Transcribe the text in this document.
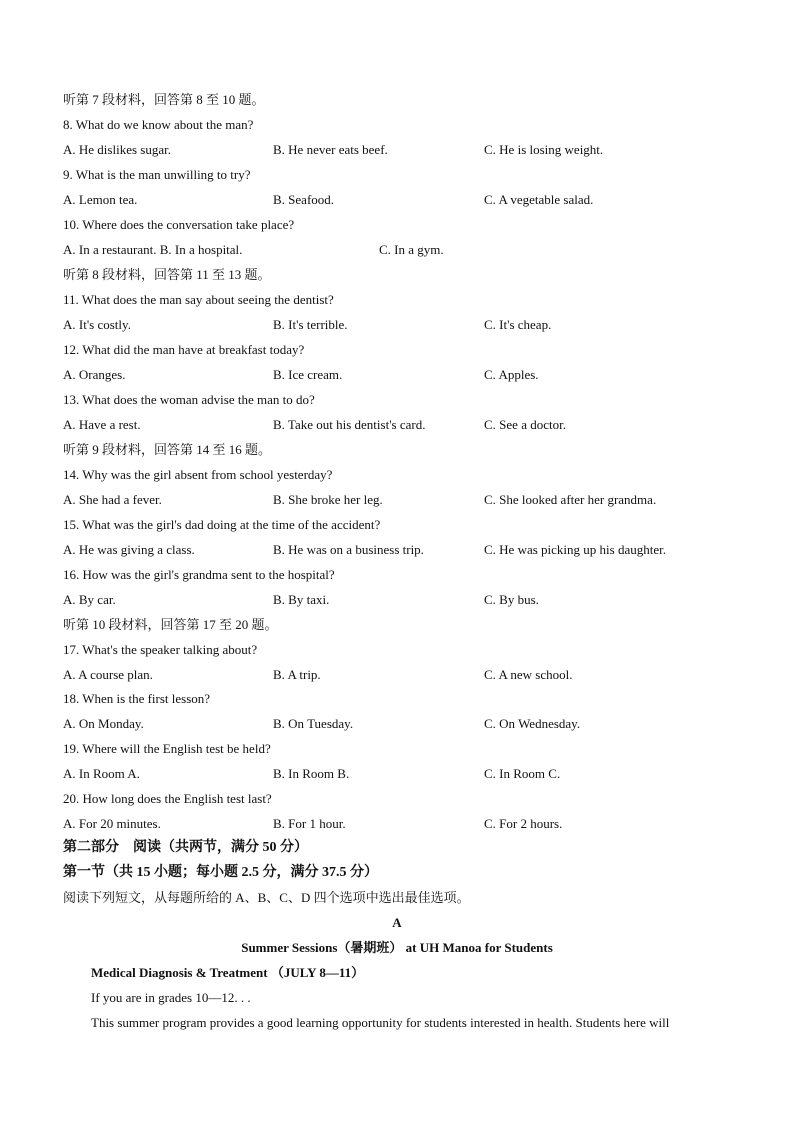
听第 7 段材料，回答第 8 至 10 题。
8. What do we know about the man?
A. He dislikes sugar.	B. He never eats beef.	C. He is losing weight.
9. What is the man unwilling to try?
A. Lemon tea.	B. Seafood.	C. A vegetable salad.
10. Where does the conversation take place?
A. In a restaurant. B. In a hospital.	C. In a gym.
听第 8 段材料，回答第 11 至 13 题。
11. What does the man say about seeing the dentist?
A. It's costly.	B. It's terrible.	C. It's cheap.
12. What did the man have at breakfast today?
A. Oranges.	B. Ice cream.	C. Apples.
13. What does the woman advise the man to do?
A. Have a rest.	B. Take out his dentist's card.	C. See a doctor.
听第 9 段材料，回答第 14 至 16 题。
14. Why was the girl absent from school yesterday?
A. She had a fever.	B. She broke her leg.	C. She looked after her grandma.
15. What was the girl's dad doing at the time of the accident?
A. He was giving a class.	B. He was on a business trip.	C. He was picking up his daughter.
16. How was the girl's grandma sent to the hospital?
A. By car.	B. By taxi.	C. By bus.
听第 10 段材料，回答第 17 至 20 题。
17. What's the speaker talking about?
A. A course plan.	B. A trip.	C. A new school.
18. When is the first lesson?
A. On Monday.	B. On Tuesday.	C. On Wednesday.
19. Where will the English test be held?
A. In Room A.	B. In Room B.	C. In Room C.
20. How long does the English test last?
A. For 20 minutes.	B. For 1 hour.	C. For 2 hours.
第二部分　阅读（共两节，满分 50 分）
第一节（共 15 小题；每小题 2.5 分，满分 37.5 分）
阅读下列短文，从每题所给的 A、B、C、D 四个选项中选出最佳选项。
A
Summer Sessions（暑期班） at UH Manoa for Students
Medical Diagnosis & Treatment （JULY 8—11）
If you are in grades 10—12. . .
This summer program provides a good learning opportunity for students interested in health. Students here will
